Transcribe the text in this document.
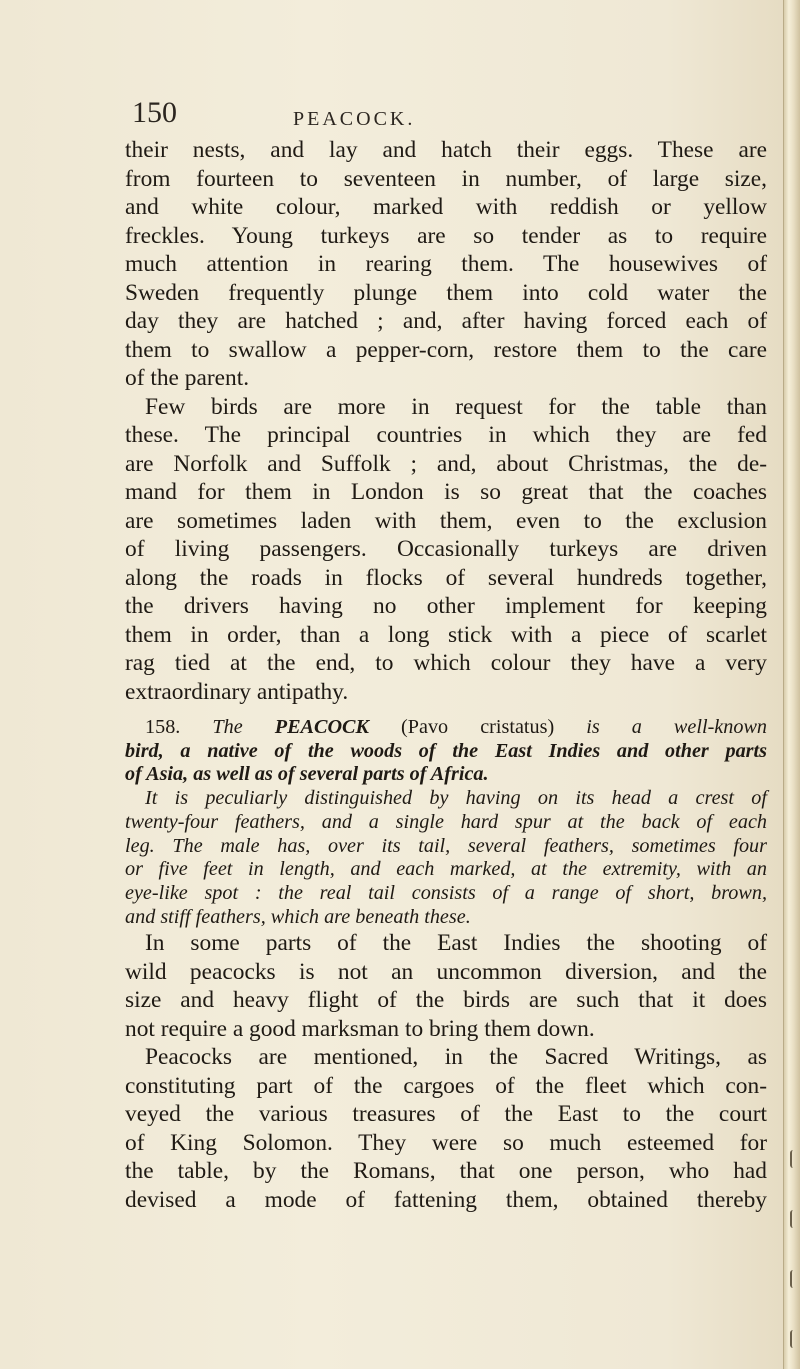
150	PEACOCK.

their nests, and lay and hatch their eggs. These are
from fourteen to seventeen in number, of large size,
and white colour, marked with reddish or yellow
freckles. Young turkeys are so tender as to require
much attention in rearing them. The housewives of
Sweden frequently plunge them into cold water the
day they are hatched ; and, after having forced each of
them to swallow a pepper-corn, restore them to the care
of the parent.

Few birds are more in request for the table than
these. The principal countries in which they are fed
are Norfolk and Suffolk ; and, about Christmas, the de-
mand for them in London is so great that the coaches
are sometimes laden with them, even to the exclusion
of living passengers. Occasionally turkeys are driven
along the roads in flocks of several hundreds together,
the drivers having no other implement for keeping
them in order, than a long stick with a piece of scarlet
rag tied at the end, to which colour they have a very
extraordinary antipathy.

158. The PEACOCK (Pavo cristatus) is a well-known
bird, a native of the woods of the East Indies and other parts
of Asia, as well as of several parts of Africa.
It is peculiarly distinguished by having on its head a crest of
twenty-four feathers, and a single hard spur at the back of each
leg. The male has, over its tail, several feathers, sometimes four
or five feet in length, and each marked, at the extremity, with an
eye-like spot : the real tail consists of a range of short, brown,
and stiff feathers, which are beneath these.

In some parts of the East Indies the shooting of
wild peacocks is not an uncommon diversion, and the
size and heavy flight of the birds are such that it does
not require a good marksman to bring them down.

Peacocks are mentioned, in the Sacred Writings, as
constituting part of the cargoes of the fleet which con-
veyed the various treasures of the East to the court
of King Solomon. They were so much esteemed for
the table, by the Romans, that one person, who had
devised a mode of fattening them, obtained thereby
